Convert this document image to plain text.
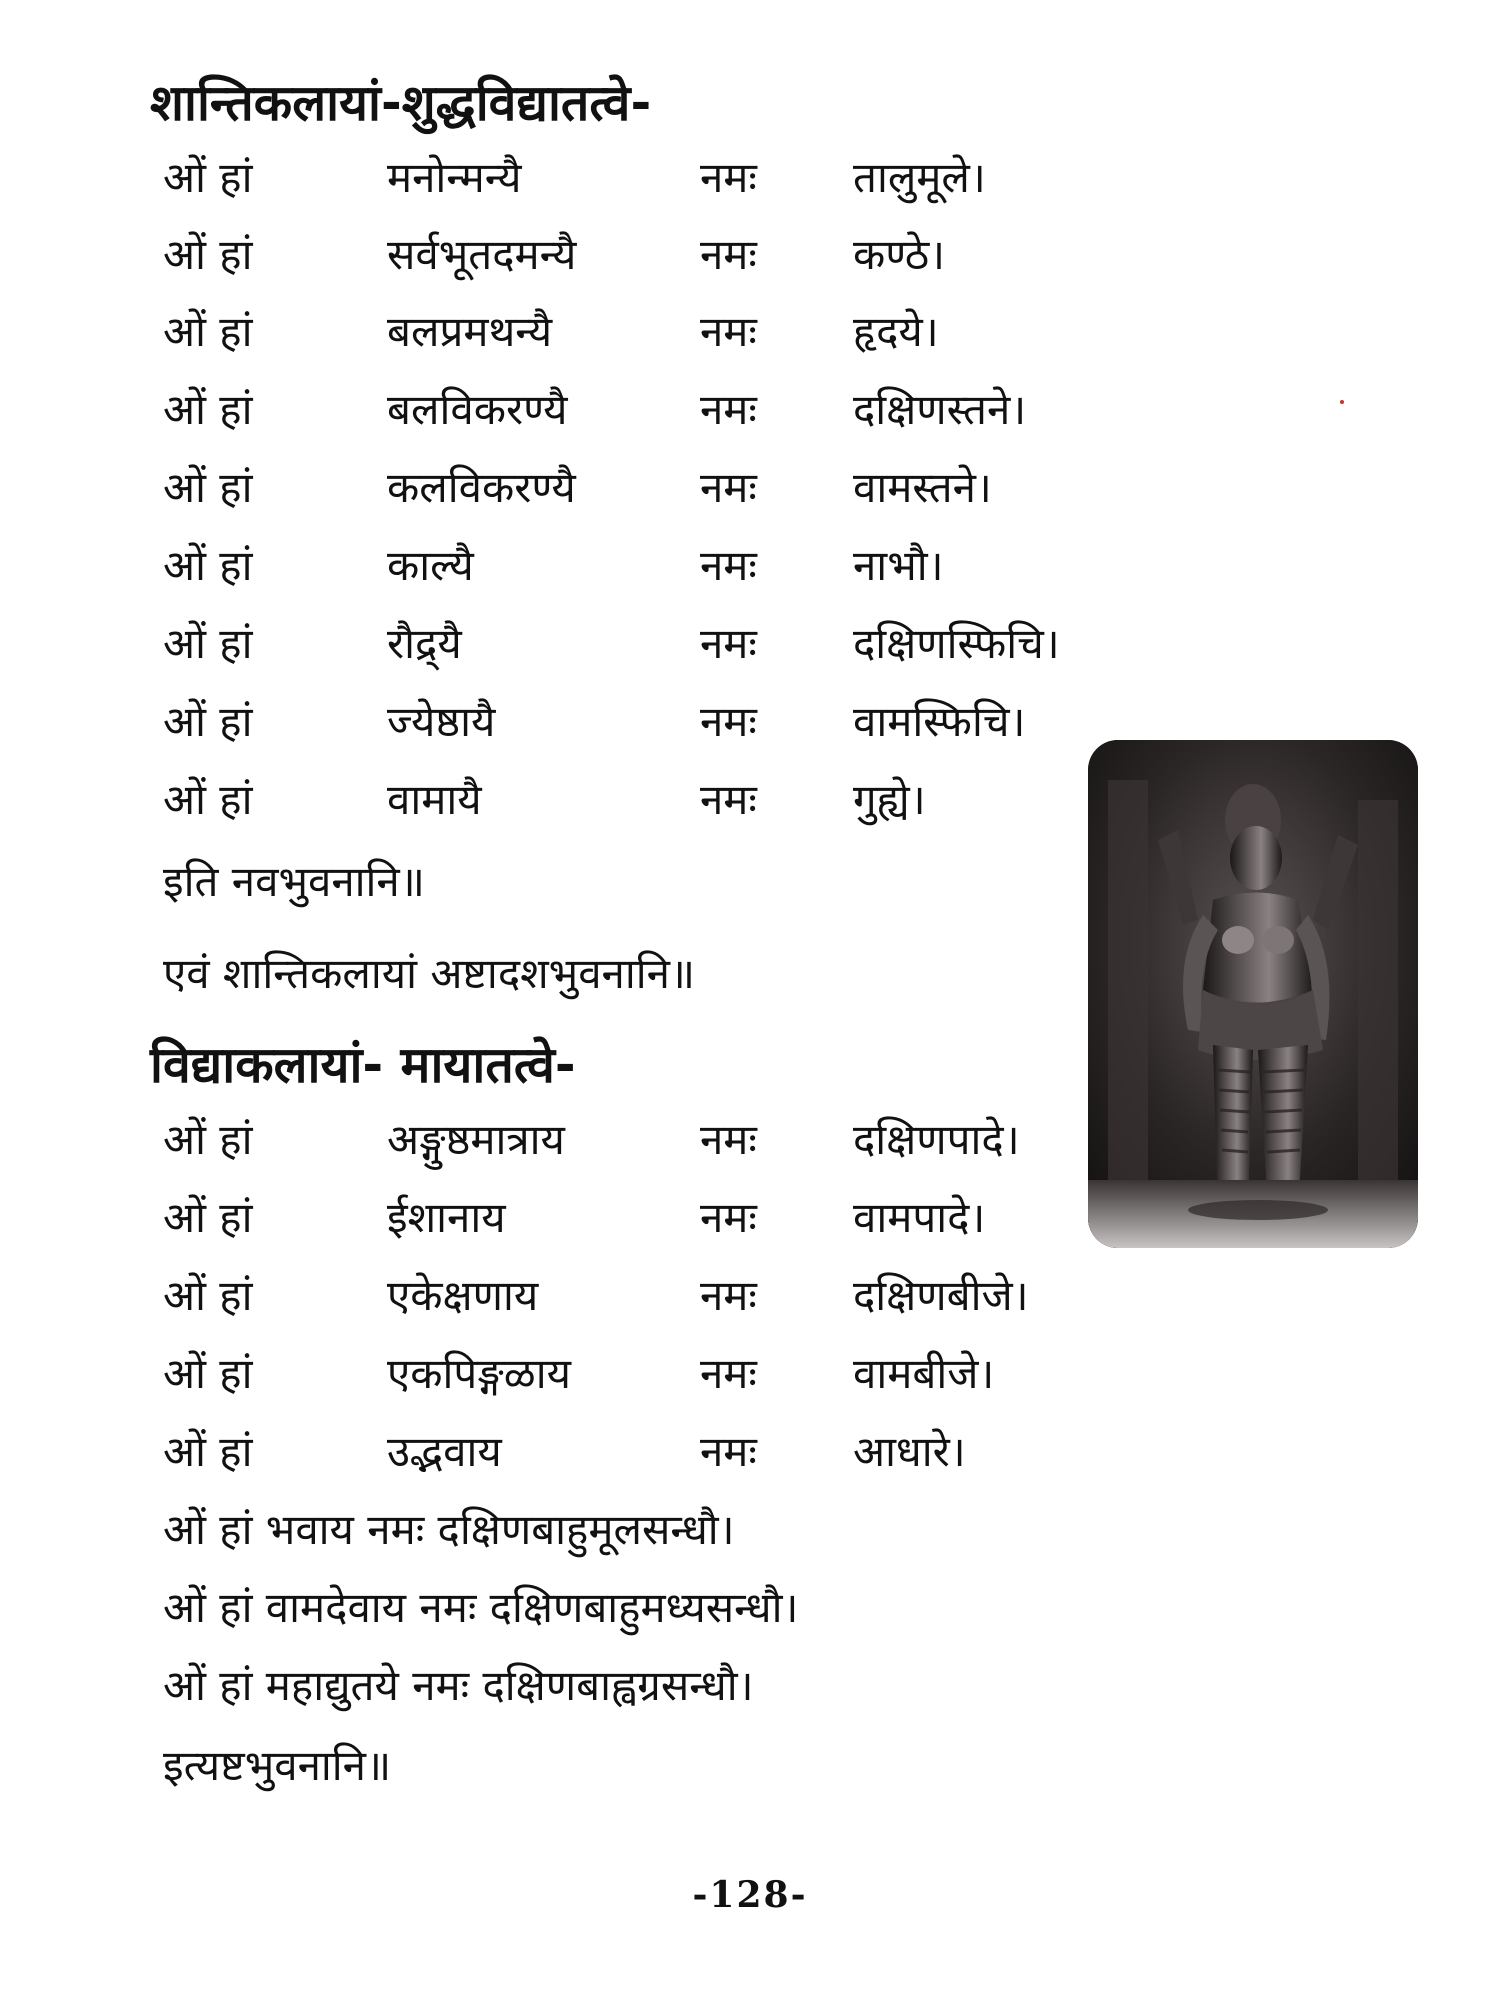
शान्तिकलायां-शुद्धविद्यातत्वे-
ओं हां	मनोन्मन्यै	नमः तालुमूले।
ओं हां	सर्वभूतदमन्यै	नमः कण्ठे।
ओं हां	बलप्रमथन्यै	नमः हृदये।
ओं हां	बलविकरण्यै	नमः दक्षिणस्तने।
ओं हां	कलविकरण्यै	नमः वामस्तने।
ओं हां	काल्यै	नमः नाभौ।
ओं हां	रौद्र्यै	नमः दक्षिणस्फिचि।
ओं हां	ज्येष्ठायै	नमः वामस्फिचि।
ओं हां	वामायै	नमः गुह्ये।
इति नवभुवनानि॥
एवं शान्तिकलायां अष्टादशभुवनानि॥
विद्याकलायां- मायातत्वे-
ओं हां	अङ्गुष्ठमात्राय	नमः दक्षिणपादे।
ओं हां	ईशानाय	नमः वामपादे।
ओं हां	एकेक्षणाय	नमः दक्षिणबीजे।
ओं हां	एकपिङ्गळाय	नमः वामबीजे।
ओं हां	उद्भवाय	नमः आधारे।
ओं हां भवाय नमः दक्षिणबाहुमूलसन्धौ।
ओं हां वामदेवाय नमः दक्षिणबाहुमध्यसन्धौ।
ओं हां महाद्युतये नमः दक्षिणबाह्वग्रसन्धौ।
इत्यष्टभुवनानि॥
-128-
